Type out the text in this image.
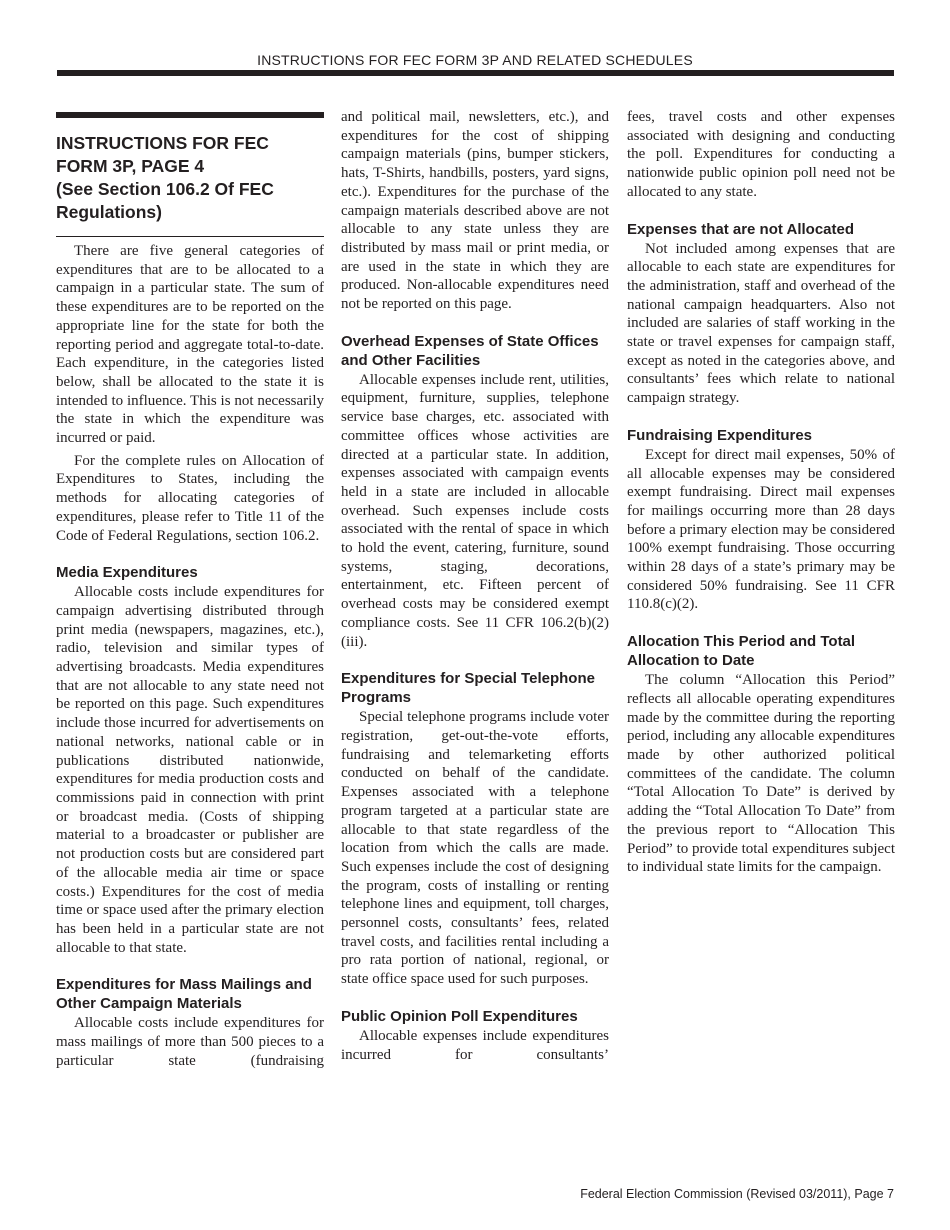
INSTRUCTIONS FOR FEC FORM 3P AND RELATED SCHEDULES
INSTRUCTIONS FOR FEC
FORM 3P, PAGE 4
(See Section 106.2 Of FEC
Regulations)

There are five general categories of expenditures that are to be allocated to a campaign in a particular state. The sum of these expenditures are to be reported on the appropriate line for the state for both the reporting period and aggregate total-to-date. Each expenditure, in the categories listed below, shall be allocated to the state it is intended to influence. This is not necessarily the state in which the expenditure was incurred or paid.

For the complete rules on Allocation of Expenditures to States, including the methods for allocating categories of expenditures, please refer to Title 11 of the Code of Federal Regulations, section 106.2.

Media Expenditures

Allocable costs include expenditures for campaign advertising distributed through print media (newspapers, magazines, etc.), radio, television and similar types of advertising broadcasts. Media expenditures that are not allocable to any state need not be reported on this page. Such expenditures include those incurred for advertisements on national networks, national cable or in publications distributed nationwide, expenditures for media production costs and commissions paid in connection with print or broadcast media. (Costs of shipping material to a broadcaster or publisher are not production costs but are considered part of the allocable media air time or space costs.) Expenditures for the cost of media time or space used after the primary election has been held in a particular state are not allocable to that state.

Expenditures for Mass Mailings and Other Campaign Materials

Allocable costs include expenditures for mass mailings of more than 500 pieces to a particular state (fundraising

and political mail, newsletters, etc.), and expenditures for the cost of shipping campaign materials (pins, bumper stickers, hats, T-Shirts, handbills, posters, yard signs, etc.). Expenditures for the purchase of the campaign materials described above are not allocable to any state unless they are distributed by mass mail or print media, or are used in the state in which they are produced. Non-allocable expenditures need not be reported on this page.

Overhead Expenses of State Offices and Other Facilities

Allocable expenses include rent, utilities, equipment, furniture, supplies, telephone service base charges, etc. associated with committee offices whose activities are directed at a particular state. In addition, expenses associated with campaign events held in a state are included in allocable overhead. Such expenses include costs associated with the rental of space in which to hold the event, catering, furniture, sound systems, staging, decorations, entertainment, etc. Fifteen percent of overhead costs may be considered exempt compliance costs. See 11 CFR 106.2(b)(2)(iii).

Expenditures for Special Telephone Programs

Special telephone programs include voter registration, get-out-the-vote efforts, fundraising and telemarketing efforts conducted on behalf of the candidate. Expenses associated with a telephone program targeted at a particular state are allocable to that state regardless of the location from which the calls are made. Such expenses include the cost of designing the program, costs of installing or renting telephone lines and equipment, toll charges, personnel costs, consultants’ fees, related travel costs, and facilities rental including a pro rata portion of national, regional, or state office space used for such purposes.

Public Opinion Poll Expenditures

Allocable expenses include expenditures incurred for consultants’

fees, travel costs and other expenses associated with designing and conducting the poll. Expenditures for conducting a nationwide public opinion poll need not be allocated to any state.

Expenses that are not Allocated

Not included among expenses that are allocable to each state are expenditures for the administration, staff and overhead of the national campaign headquarters. Also not included are salaries of staff working in the state or travel expenses for campaign staff, except as noted in the categories above, and consultants’ fees which relate to national campaign strategy.

Fundraising Expenditures

Except for direct mail expenses, 50% of all allocable expenses may be considered exempt fundraising. Direct mail expenses for mailings occurring more than 28 days before a primary election may be considered 100% exempt fundraising. Those occurring within 28 days of a state’s primary may be considered 50% fundraising. See 11 CFR 110.8(c)(2).

Allocation This Period and Total Allocation to Date

The column “Allocation this Period” reflects all allocable operating expenditures made by the committee during the reporting period, including any allocable expenditures made by other authorized political committees of the candidate. The column “Total Allocation To Date” is derived by adding the “Total Allocation To Date” from the previous report to “Allocation This Period” to provide total expenditures subject to individual state limits for the campaign.

Federal Election Commission (Revised 03/2011), Page 7
